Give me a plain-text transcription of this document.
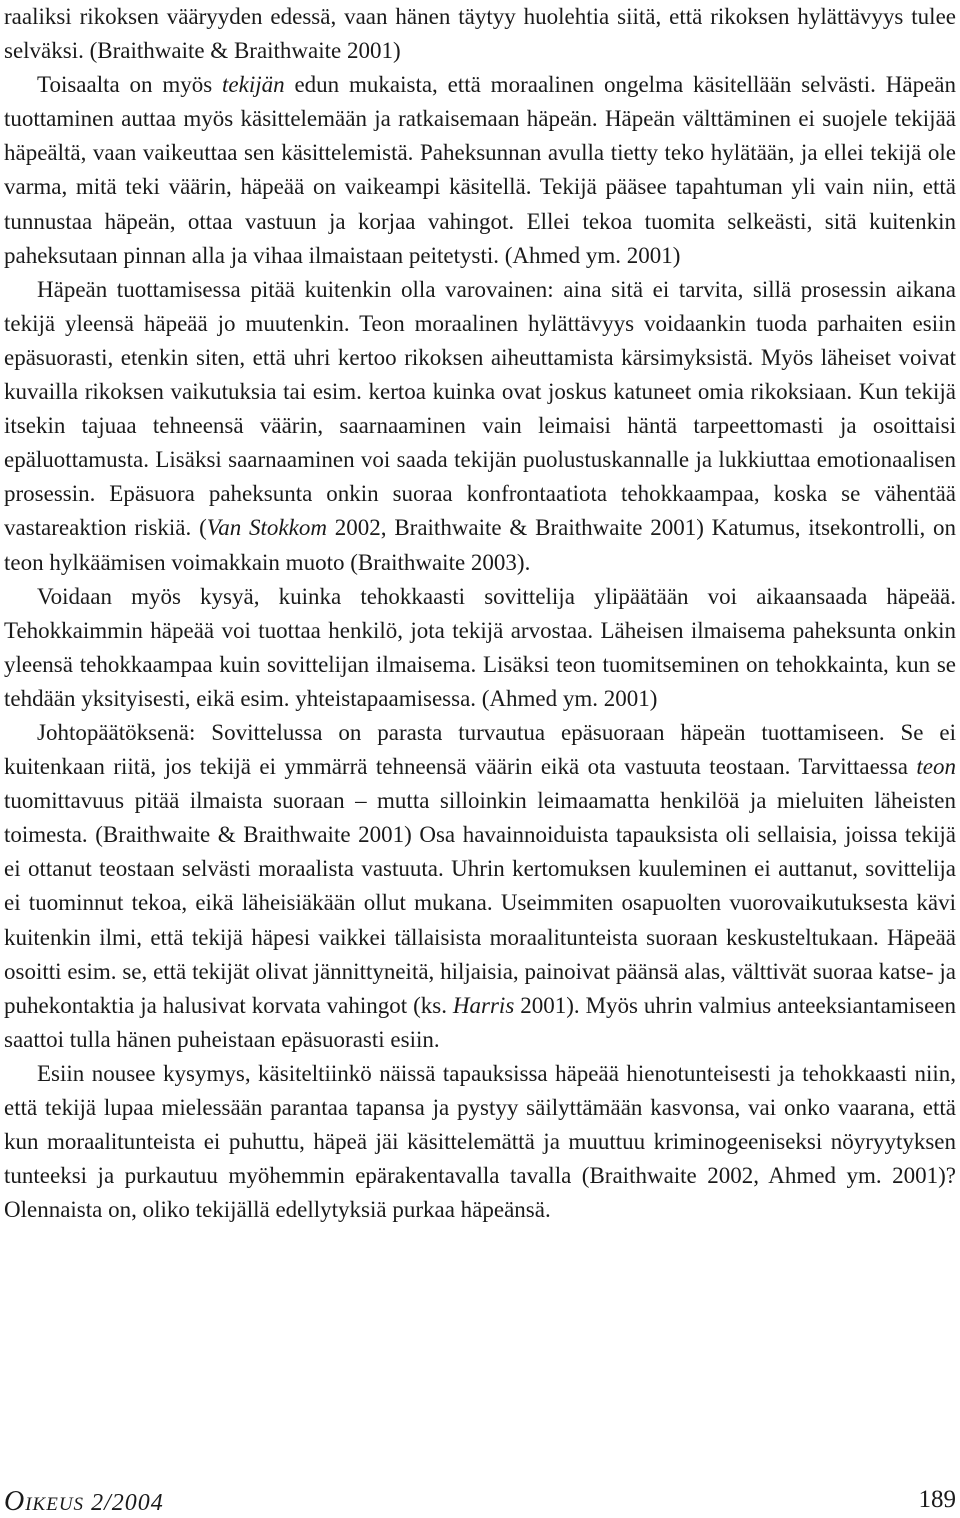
raaliksi rikoksen vääryyden edessä, vaan hänen täytyy huolehtia siitä, että rikoksen hylättävyys tulee selväksi. (Braithwaite & Braithwaite 2001)

Toisaalta on myös tekijän edun mukaista, että moraalinen ongelma käsitellään selvästi. Häpeän tuottaminen auttaa myös käsittelemään ja ratkaisemaan häpeän. Häpeän välttäminen ei suojele tekijää häpeältä, vaan vaikeuttaa sen käsittelemistä. Paheksunnan avulla tietty teko hylätään, ja ellei tekijä ole varma, mitä teki väärin, häpeää on vaikeampi käsitellä. Tekijä pääsee tapahtuman yli vain niin, että tunnustaa häpeän, ottaa vastuun ja korjaa vahingot. Ellei tekoa tuomita selkeästi, sitä kuitenkin paheksutaan pinnan alla ja vihaa ilmaistaan peitetysti. (Ahmed ym. 2001)

Häpeän tuottamisessa pitää kuitenkin olla varovainen: aina sitä ei tarvita, sillä prosessin aikana tekijä yleensä häpeää jo muutenkin. Teon moraalinen hylättävyys voidaankin tuoda parhaiten esiin epäsuorasti, etenkin siten, että uhri kertoo rikoksen aiheuttamista kärsimyksistä. Myös läheiset voivat kuvailla rikoksen vaikutuksia tai esim. kertoa kuinka ovat joskus katuneet omia rikoksiaan. Kun tekijä itsekin tajuaa tehneensä väärin, saarnaaminen vain leimaisi häntä tarpeettomasti ja osoittaisi epäluottamusta. Lisäksi saarnaaminen voi saada tekijän puolustuskannalle ja lukkiuttaa emotionaalisen prosessin. Epäsuora paheksunta onkin suoraa konfrontaatiota tehokkaampaa, koska se vähentää vastareaktion riskiä. (Van Stokkom 2002, Braithwaite & Braithwaite 2001) Katumus, itsekontrolli, on teon hylkäämisen voimakkain muoto (Braithwaite 2003).

Voidaan myös kysyä, kuinka tehokkaasti sovittelija ylipäätään voi aikaansaada häpeää. Tehokkaimmin häpeää voi tuottaa henkilö, jota tekijä arvostaa. Läheisen ilmaisema paheksunta onkin yleensä tehokkaampaa kuin sovittelijan ilmaisema. Lisäksi teon tuomitseminen on tehokkainta, kun se tehdään yksityisesti, eikä esim. yhteistapaamisessa. (Ahmed ym. 2001)

Johtopäätöksenä: Sovittelussa on parasta turvautua epäsuoraan häpeän tuottamiseen. Se ei kuitenkaan riitä, jos tekijä ei ymmärrä tehneensä väärin eikä ota vastuuta teostaan. Tarvittaessa teon tuomittavuus pitää ilmaista suoraan – mutta silloinkin leimaamatta henkilöä ja mieluiten läheisten toimesta. (Braithwaite & Braithwaite 2001) Osa havainnoiduista tapauksista oli sellaisia, joissa tekijä ei ottanut teostaan selvästi moraalista vastuuta. Uhrin kertomuksen kuuleminen ei auttanut, sovittelija ei tuominnut tekoa, eikä läheisiäkään ollut mukana. Useimmiten osapuolten vuorovaikutuksesta kävi kuitenkin ilmi, että tekijä häpesi vaikkei tällaisista moraalitunteista suoraan keskusteltukaan. Häpeää osoitti esim. se, että tekijät olivat jännittyneitä, hiljaisia, painoivat päänsä alas, välttivät suoraa katse- ja puhekontaktia ja halusivat korvata vahingot (ks. Harris 2001). Myös uhrin valmius anteeksiantamiseen saattoi tulla hänen puheistaan epäsuorasti esiin.

Esiin nousee kysymys, käsiteltiinkö näissä tapauksissa häpeää hienotunteisesti ja tehokkaasti niin, että tekijä lupaa mielessään parantaa tapansa ja pystyy säilyttämään kasvonsa, vai onko vaarana, että kun moraalitunteista ei puhuttu, häpeä jäi käsittelemättä ja muuttuu kriminogeeniseksi nöyryytyksen tunteeksi ja purkautuu myöhemmin epärakentavalla tavalla (Braithwaite 2002, Ahmed ym. 2001)? Olennaista on, oliko tekijällä edellytyksiä purkaa häpeänsä.

OIKEUS 2/2004	189
